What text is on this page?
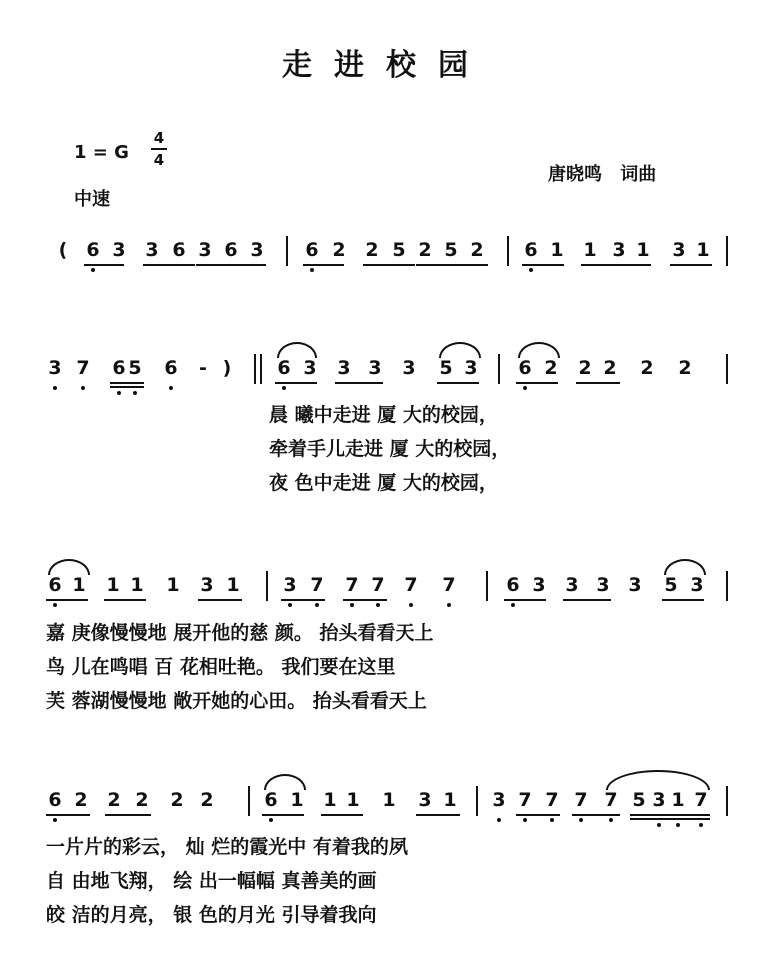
走进校园
1 = G
4
4
中速
唐晓鸣 词曲
( 6 3 3 6 3 6 3 6 2 2 5 2 5 2 6 1 1 3 1 3 1
3 7 6 5 6 - ) 6 3 3 3 3 5 3 6 2 2 2 2 2
晨 曦中走进 厦 大的校园，
牵着手儿走进 厦 大的校园，
夜 色中走进 厦 大的校园，
6 1 1 1 1 3 1 3 7 7 7 7 7	6 3 3 3 3 5 3
嘉 庚像慢慢地 展开他的慈 颜。 抬头看看天上
鸟 儿在鸣唱 百 花相吐艳。 我们要在这里
芙 蓉湖慢慢地 敞开她的心田。 抬头看看天上
6 2 2 2 2 2	6 1 1 1 1 3 1 3 7 7 7 7 5 3 1 7
一片片的彩云， 灿 烂的霞光中 有着我的夙
自 由地飞翔， 绘 出一幅幅 真善美的画
皎 洁的月亮， 银 色的月光 引导着我向
